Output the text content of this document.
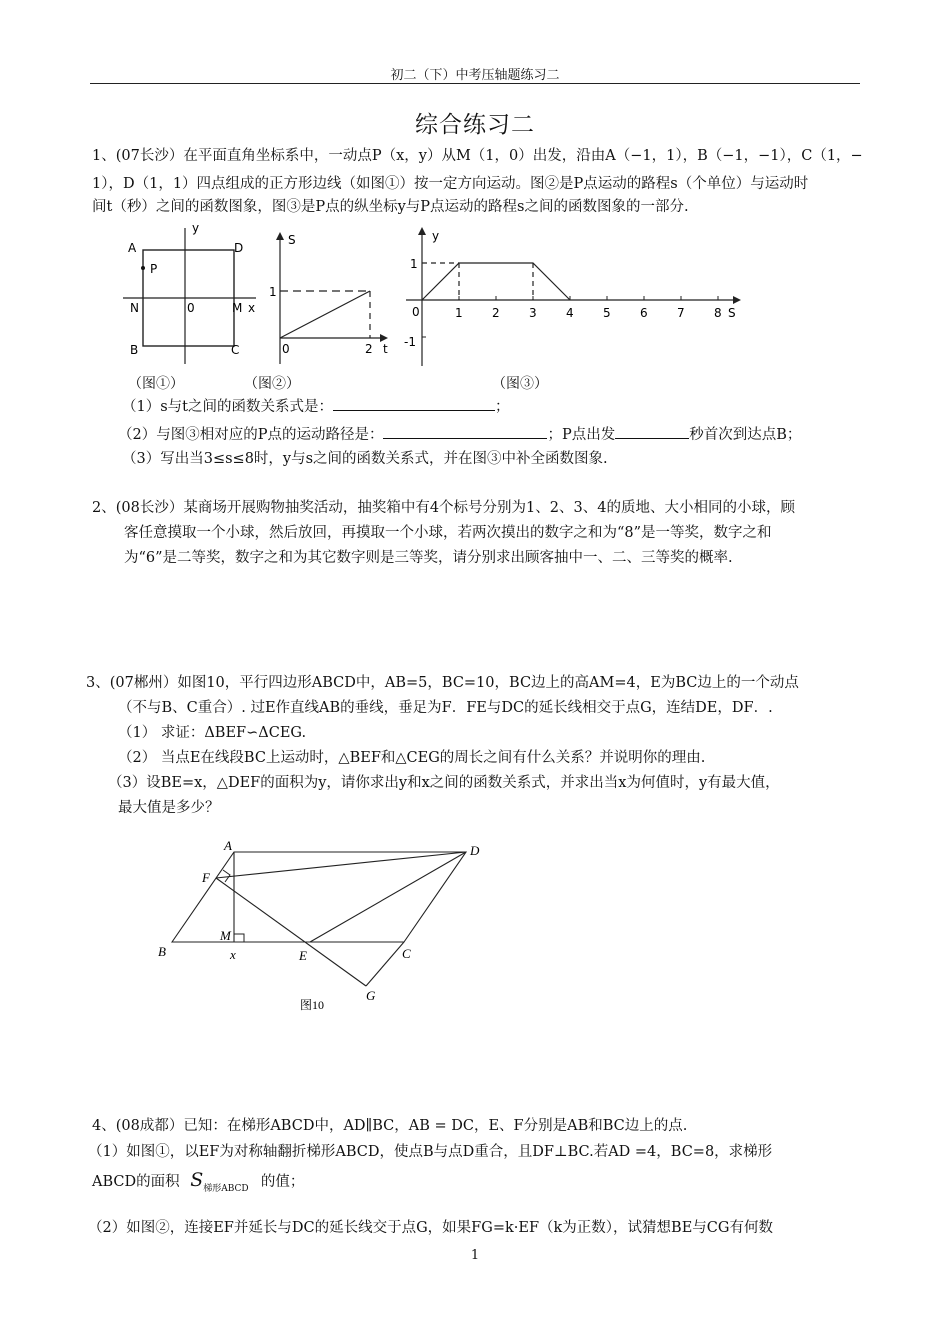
初二（下）中考压轴题练习二
综合练习二
1、(07长沙）在平面直角坐标系中，一动点P（x，y）从M（1，0）出发，沿由A（−1，1），B（−1，−1），C（1，−
1），D（1，1）四点组成的正方形边线（如图①）按一定方向运动。图②是P点运动的路程s（个单位）与运动时
间t（秒）之间的函数图象，图③是P点的纵坐标y与P点运动的路程s之间的函数图象的一部分.
y
A	D
P
N	0	M x
B	C
S
1
0	2 t
1 2 3 4 5 6 7 8
y
1
-1
0	S
（图①）	（图②）	（图③）
（1）s与t之间的函数关系式是：	；
（2）与图③相对应的P点的运动路径是：	；P点出发	秒首次到达点B；
（3）写出当3≤s≤8时，y与s之间的函数关系式，并在图③中补全函数图象.
2、(08长沙）某商场开展购物抽奖活动，抽奖箱中有4个标号分别为1、2、3、4的质地、大小相同的小球，顾
客任意摸取一个小球，然后放回，再摸取一个小球，若两次摸出的数字之和为“8”是一等奖，数字之和
为“6”是二等奖，数字之和为其它数字则是三等奖，请分别求出顾客抽中一、二、三等奖的概率.
3、(07郴州）如图10，平行四边形ABCD中，AB=5，BC=10，BC边上的高AM=4，E为BC边上的一个动点
（不与B、C重合）. 过E作直线AB的垂线，垂足为F．FE与DC的延长线相交于点G，连结DE，DF．.
（1） 求证：ΔBEF∽ΔCEG.
（2） 当点E在线段BC上运动时，△BEF和△CEG的周长之间有什么关系？并说明你的理由.
（3）设BE=x，△DEF的面积为y，请你求出y和x之间的函数关系式，并求出当x为何值时，y有最大值，
最大值是多少？
A	D
F
M
B	x	E	C
G
图10
4、(08成都）已知：在梯形ABCD中，AD∥BC，AB = DC，E、F分别是AB和BC边上的点.
（1）如图①，以EF为对称轴翻折梯形ABCD，使点B与点D重合，且DF⊥BC.若AD =4，BC=8，求梯形
ABCD的面积 $S_{梯形ABCD}$ 的值；
（2）如图②，连接EF并延长与DC的延长线交于点G，如果FG=k·EF（k为正数），试猜想BE与CG有何数
1
